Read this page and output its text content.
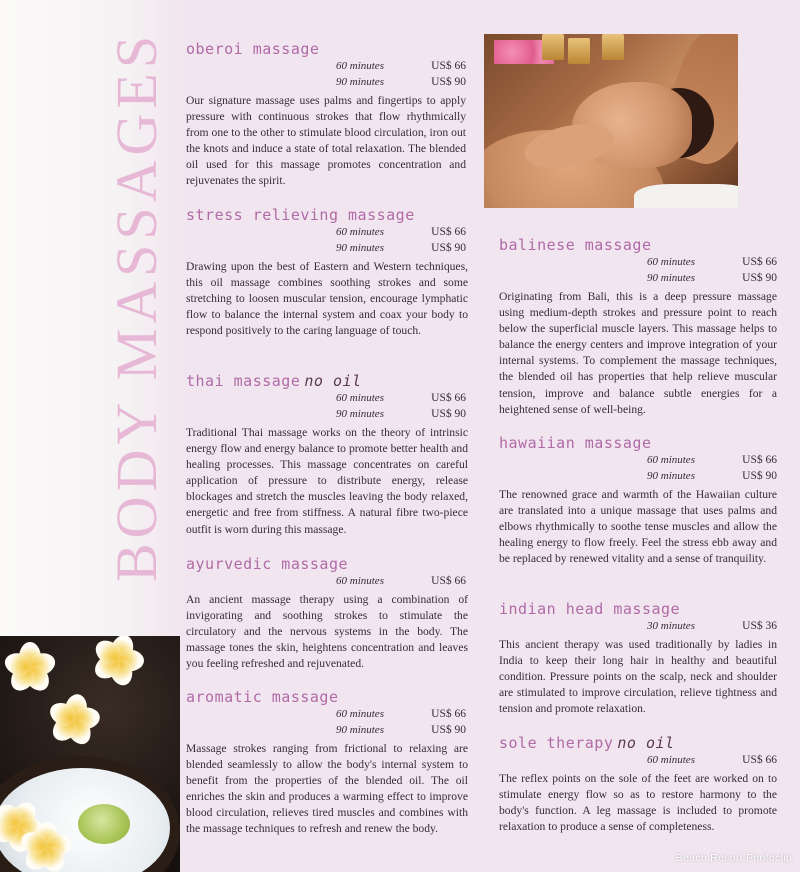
BODY MASSAGES oberoi massage
60 minutes	US$ 66
90 minutes	US$ 90
Our signature massage uses palms and fingertips to apply pressure with continuous strokes that flow rhythmically from one to the other to stimulate blood circulation, iron out the knots and induce a state of total relaxation. The blended oil used for this massage promotes concentration and rejuvenates the spirit.
stress relieving massage
60 minutes	US$ 66
90 minutes	US$ 90
Drawing upon the best of Eastern and Western techniques, this oil massage combines soothing strokes and some stretching to loosen muscular tension, encourage lymphatic flow to balance the internal system and coax your body to respond positively to the caring language of touch.
thai massage no oil
60 minutes	US$ 66
90 minutes	US$ 90
Traditional Thai massage works on the theory of intrinsic energy flow and energy balance to promote better health and healing processes. This massage concentrates on careful application of pressure to distribute energy, release blockages and stretch the muscles leaving the body relaxed, energetic and free from stiffness. A natural fibre two-piece outfit is worn during this massage.
ayurvedic massage
60 minutes	US$ 66
An ancient massage therapy using a combination of invigorating and soothing strokes to stimulate the circulatory and the nervous systems in the body. The massage tones the skin, heightens concentration and leaves you feeling refreshed and rejuvenated.
aromatic massage
60 minutes	US$ 66
90 minutes	US$ 90
Massage strokes ranging from frictional to relaxing are blended seamlessly to allow the body's internal system to benefit from the properties of the blended oil. The oil enriches the skin and produces a warming effect to improve blood circulation, relieves tired muscles and combines with the massage techniques to refresh and renew the body.
balinese massage
60 minutes	US$ 66
90 minutes	US$ 90
Originating from Bali, this is a deep pressure massage using medium-depth strokes and pressure point to reach below the superficial muscle layers. This massage helps to balance the energy centers and improve integration of your internal systems. To complement the massage techniques, the blended oil has properties that help relieve muscular tension, improve and balance subtle energies for a heightened sense of well-being.
hawaiian massage
60 minutes	US$ 66
90 minutes	US$ 90
The renowned grace and warmth of the Hawaiian culture are translated into a unique massage that uses palms and elbows rhythmically to soothe tense muscles and allow the healing energy to flow freely. Feel the stress ebb away and be replaced by renewed vitality and a sense of tranquility.
indian head massage
30 minutes	US$ 36
This ancient therapy was used traditionally by ladies in India to keep their long hair in healthy and beautiful condition. Pressure points on the scalp, neck and shoulder are stimulated to improve circulation, relieve tightness and tension and promote relaxation.
sole therapy no oil
60 minutes	US$ 66
The reflex points on the sole of the feet are worked on to stimulate energy flow so as to restore harmony to the body's function. A leg massage is included to promote relaxation to produce a sense of completeness.
Beach Resort Photoclip
